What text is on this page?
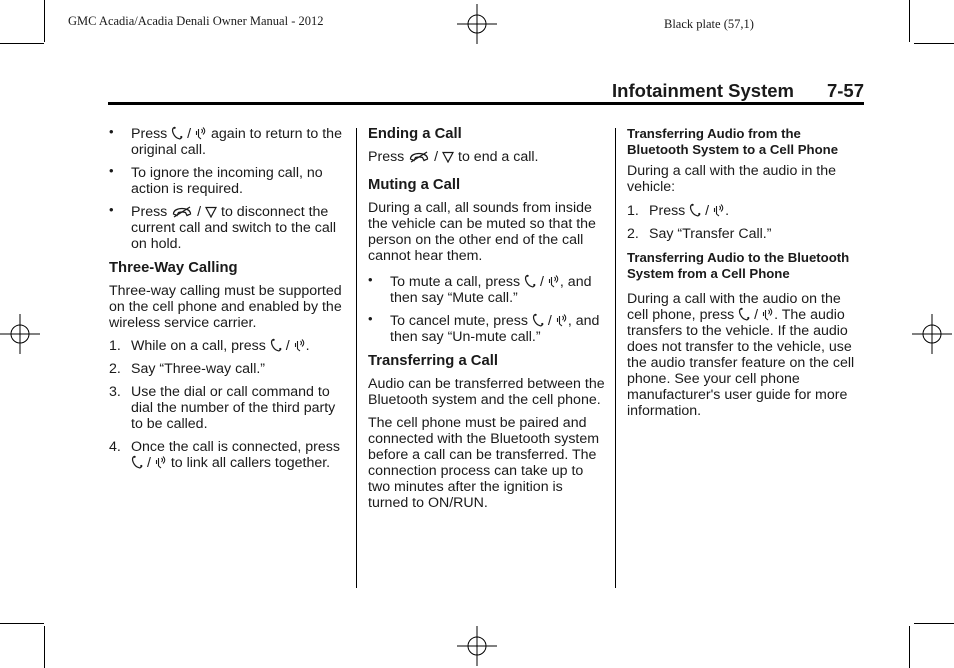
GMC Acadia/Acadia Denali Owner Manual - 2012	Black plate (57,1)
Infotainment System 7-57
• Press / again to return to the original call.
• To ignore the incoming call, no action is required.
• Press / to disconnect the current call and switch to the call on hold.
Three-Way Calling

Three-way calling must be supported on the cell phone and enabled by the wireless service carrier.

1. While on a call, press / .
2. Say “Three-way call.”
3. Use the dial or call command to dial the number of the third party to be called.
4. Once the call is connected, press
/ to link all callers together.
Ending a Call

Press / to end a call.

Muting a Call

During a call, all sounds from inside the vehicle can be muted so that the person on the other end of the call cannot hear them.

• To mute a call, press / , and then say “Mute call.”
• To cancel mute, press / , and then say “Un-mute call.”
Transferring a Call

Audio can be transferred between the Bluetooth system and the cell phone.

The cell phone must be paired and connected with the Bluetooth system before a call can be transferred. The connection process can take up to two minutes after the ignition is turned to ON/RUN.

Transferring Audio from the Bluetooth System to a Cell Phone

During a call with the audio in the vehicle:

1. Press / .
2. Say “Transfer Call.”
Transferring Audio to the Bluetooth System from a Cell Phone

During a call with the audio on the cell phone, press / . The audio transfers to the vehicle. If the audio does not transfer to the vehicle, use the audio transfer feature on the cell phone. See your cell phone manufacturer's user guide for more information.
